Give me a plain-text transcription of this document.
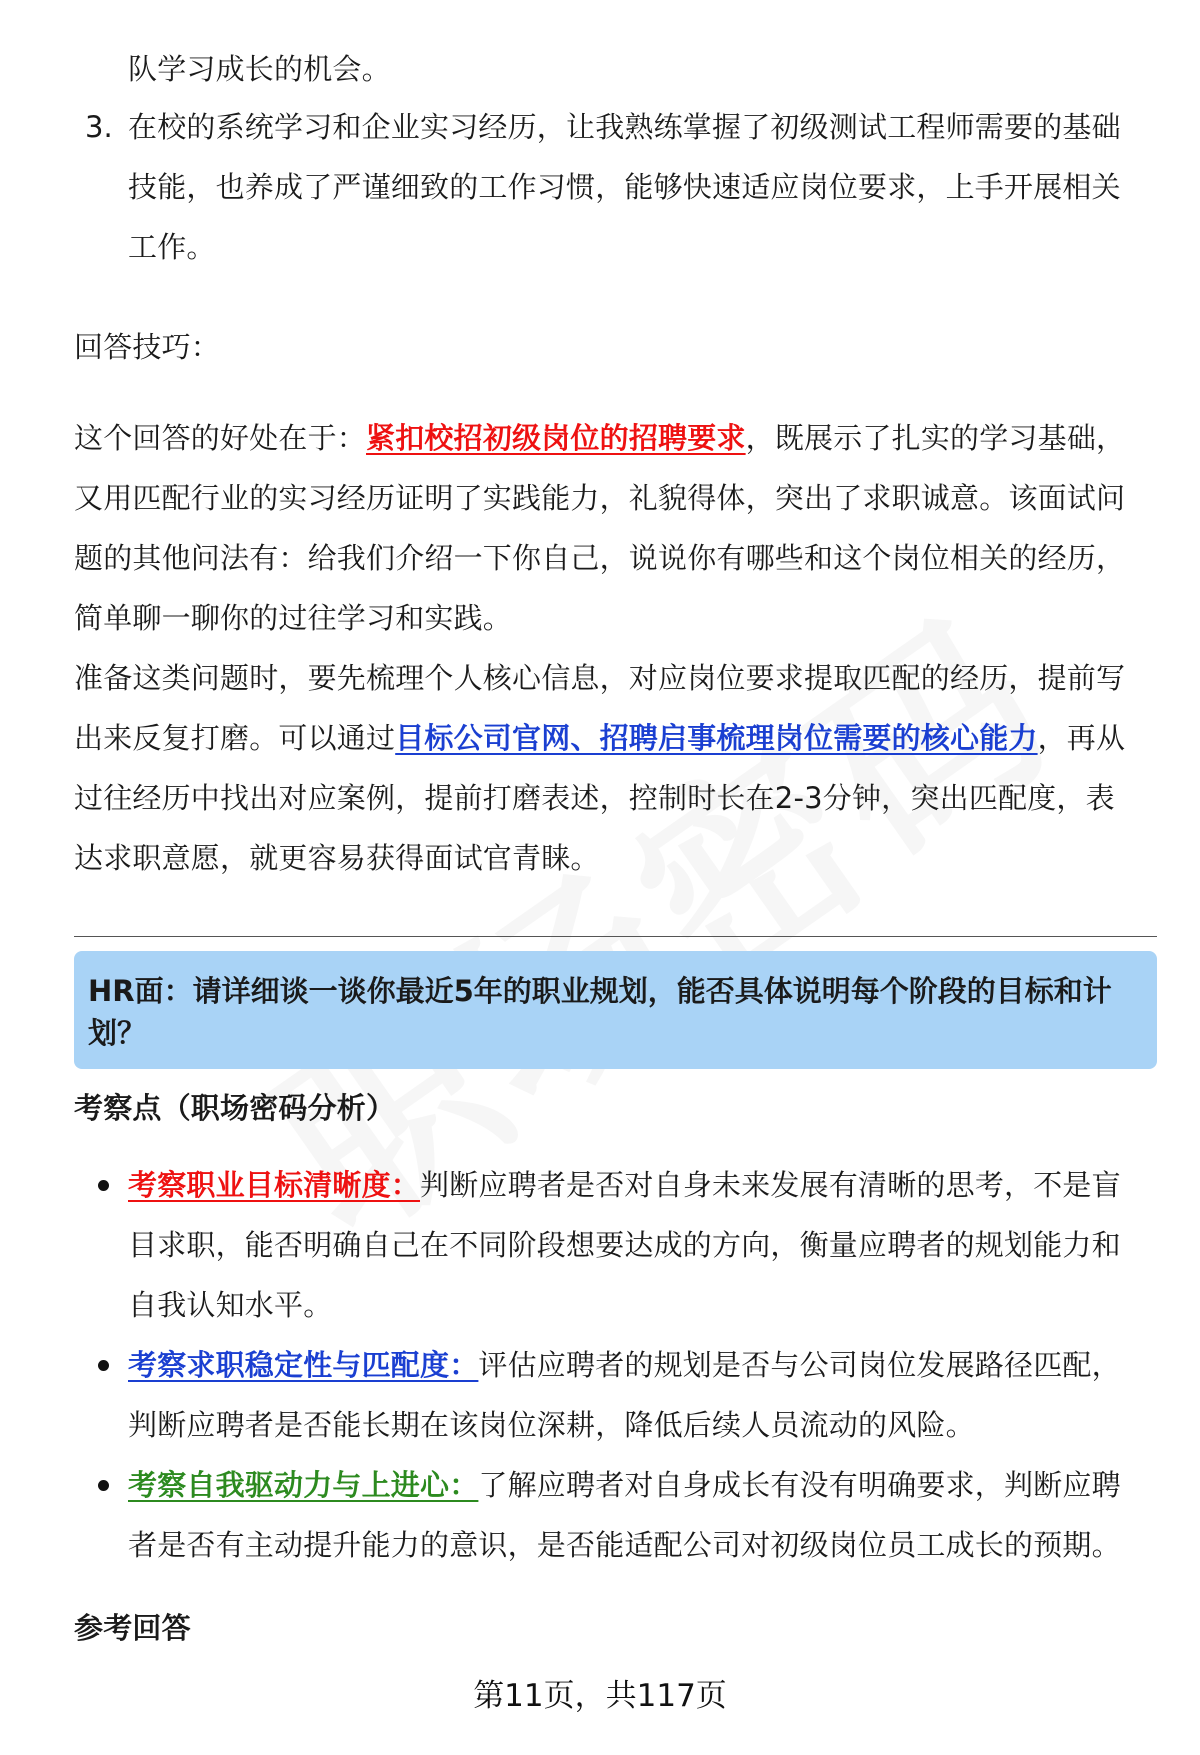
队学习成长的机会。

3. 在校的系统学习和企业实习经历，让我熟练掌握了初级测试工程师需要的基础

技能，也养成了严谨细致的工作习惯，能够快速适应岗位要求，上手开展相关

工作。

回答技巧：

这个回答的好处在于：紧扣校招初级岗位的招聘要求，既展示了扎实的学习基础，

又用匹配行业的实习经历证明了实践能力，礼貌得体，突出了求职诚意。该面试问

题的其他问法有：给我们介绍一下你自己，说说你有哪些和这个岗位相关的经历，

简单聊一聊你的过往学习和实践。

准备这类问题时，要先梳理个人核心信息，对应岗位要求提取匹配的经历，提前写

出来反复打磨。可以通过目标公司官网、招聘启事梳理岗位需要的核心能力，再从

过往经历中找出对应案例，提前打磨表述，控制时长在2-3分钟，突出匹配度，表

达求职意愿，就更容易获得面试官青睐。

HR面：请详细谈一谈你最近5年的职业规划，能否具体说明每个阶段的目标和计

划？

考察点（职场密码分析）

考察职业目标清晰度：判断应聘者是否对自身未来发展有清晰的思考，不是盲

目求职，能否明确自己在不同阶段想要达成的方向，衡量应聘者的规划能力和

自我认知水平。

考察求职稳定性与匹配度：评估应聘者的规划是否与公司岗位发展路径匹配，

判断应聘者是否能长期在该岗位深耕，降低后续人员流动的风险。

考察自我驱动力与上进心：了解应聘者对自身成长有没有明确要求，判断应聘

者是否有主动提升能力的意识，是否能适配公司对初级岗位员工成长的预期。

参考回答

第11页，共117页
